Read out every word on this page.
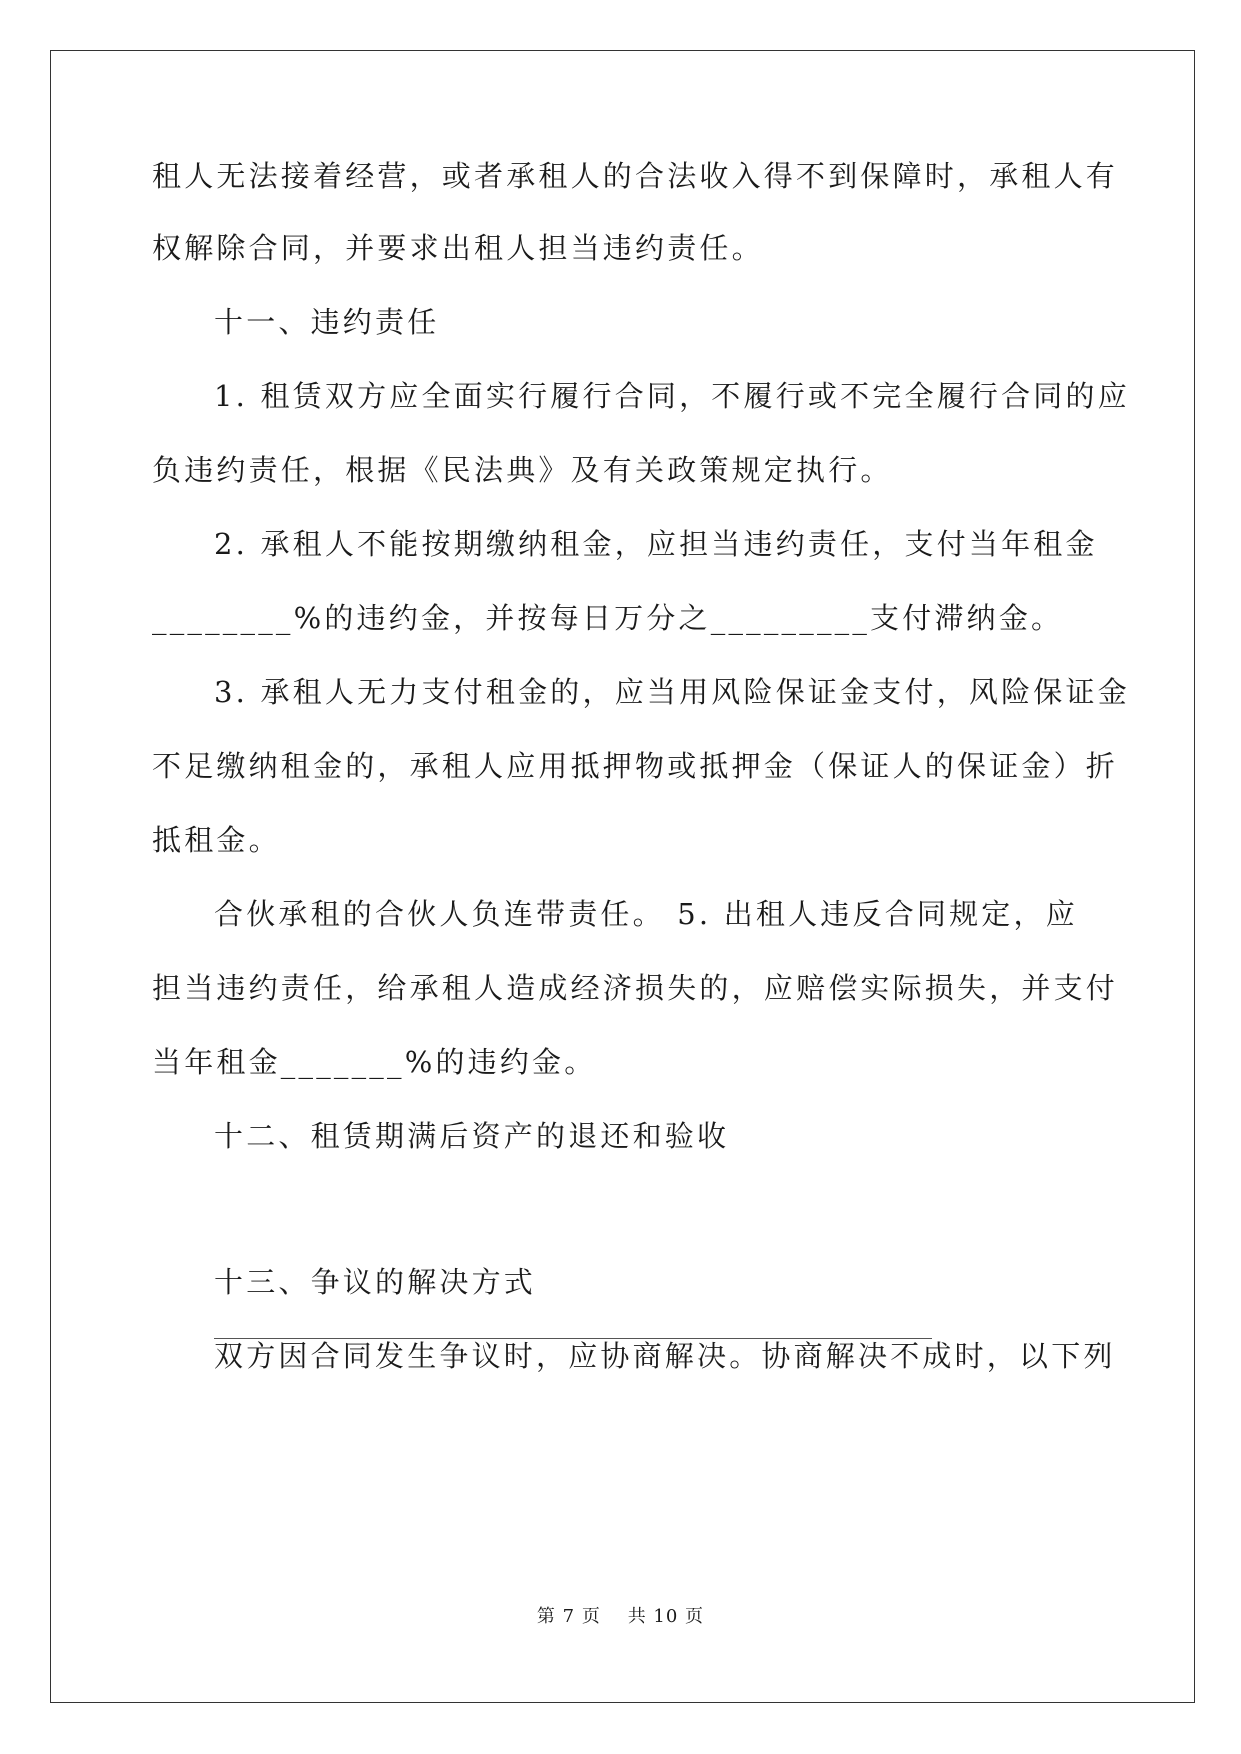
租人无法接着经营，或者承租人的合法收入得不到保障时，承租人有
权解除合同，并要求出租人担当违约责任。
十一、违约责任
1. 租赁双方应全面实行履行合同，不履行或不完全履行合同的应
负违约责任，根据《民法典》及有关政策规定执行。
2. 承租人不能按期缴纳租金，应担当违约责任，支付当年租金
________%的违约金，并按每日万分之_________支付滞纳金。
3. 承租人无力支付租金的，应当用风险保证金支付，风险保证金
不足缴纳租金的，承租人应用抵押物或抵押金（保证人的保证金）折
抵租金。
合伙承租的合伙人负连带责任。 5. 出租人违反合同规定，应
担当违约责任，给承租人造成经济损失的，应赔偿实际损失，并支付
当年租金_______%的违约金。
十二、租赁期满后资产的退还和验收
十三、争议的解决方式
双方因合同发生争议时，应协商解决。协商解决不成时，以下列
第 7 页    共 10 页
